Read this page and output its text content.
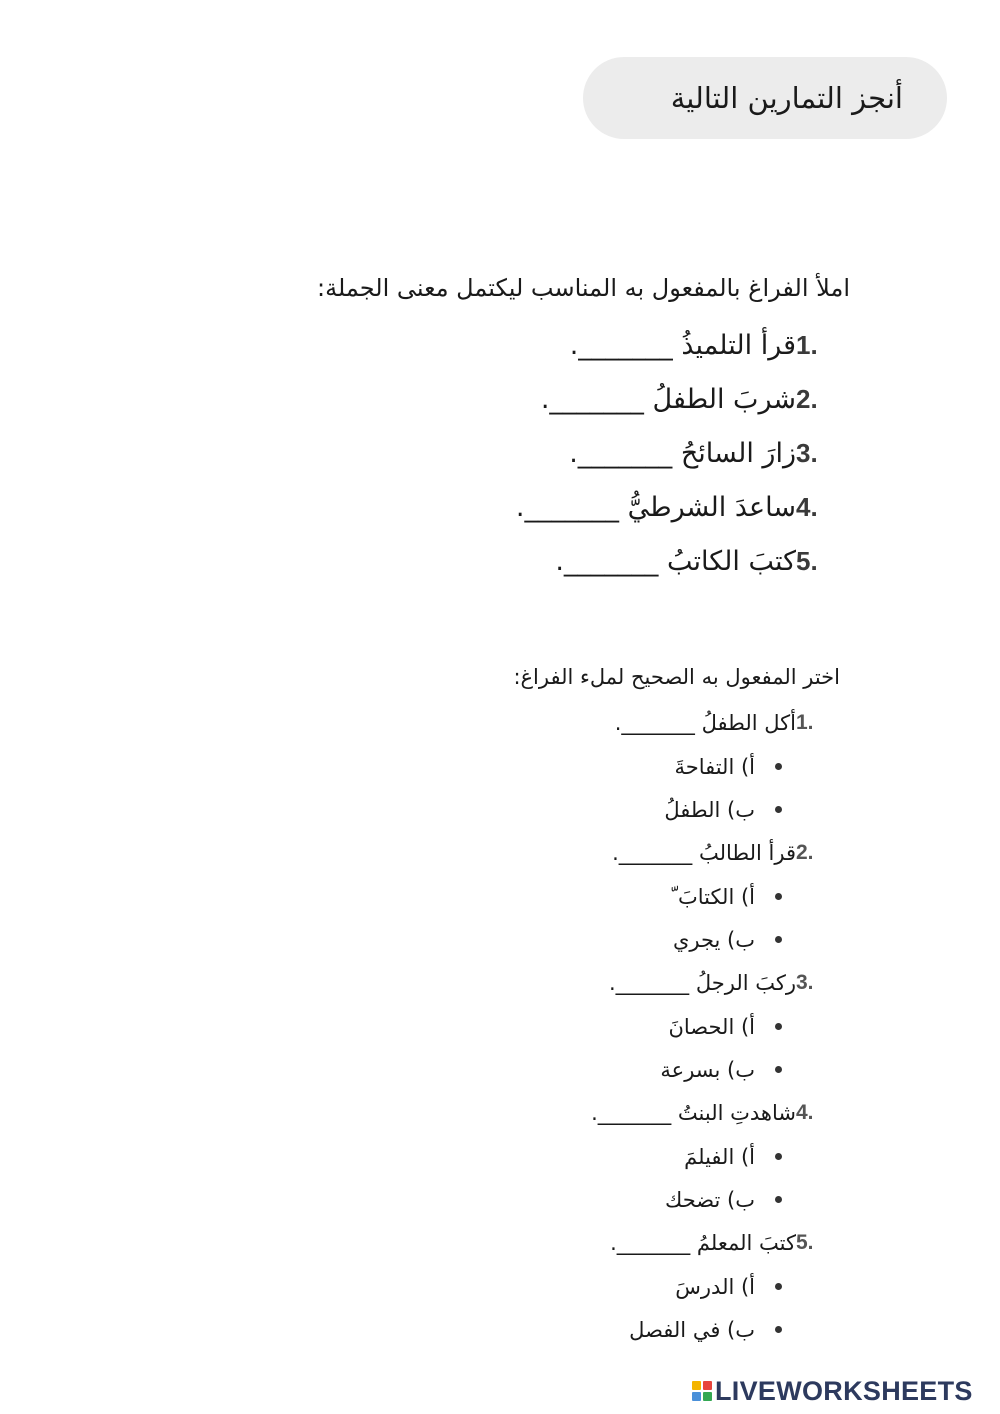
أنجز التمارين التالية

املأ الفراغ بالمفعول به المناسب ليكتمل معنى الجملة:

1.
قرأ التلميذُ _______.
2.
شربَ الطفلُ _______.
3.
زارَ السائحُ _______.
4.
ساعدَ الشرطيُّ _______.
5.
كتبَ الكاتبُ _______.

اختر المفعول به الصحيح لملء الفراغ:

1.
أكل الطفلُ _______.
أ) التفاحةَ
ب) الطفلُ
2.
قرأ الطالبُ _______.
أ) الكتابَ ّ
ب) يجري
3.
ركبَ الرجلُ _______.
أ) الحصانَ
ب) بسرعة
4.
شاهدتِ البنتُ _______.
أ) الفيلمَ
ب) تضحك
5.
كتبَ المعلمُ _______.
أ) الدرسَ
ب) في الفصل
LIVEWORKSHEETS
